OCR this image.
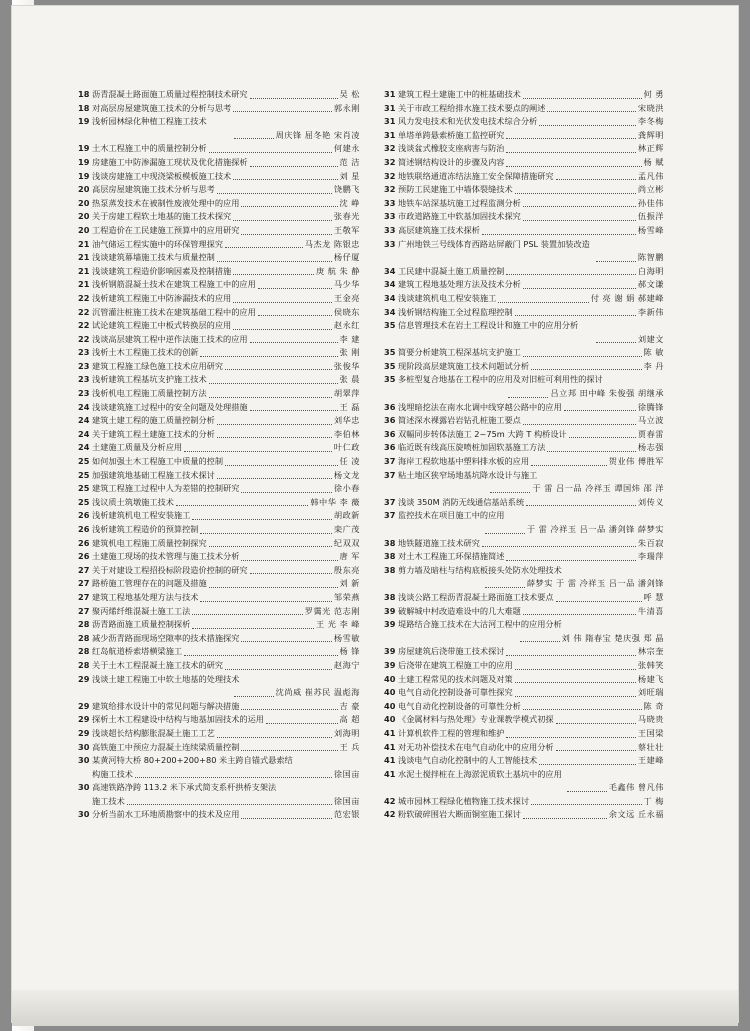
18 沥青混凝土路面施工质量过程控制技术研究	吴 松
18 对高层房屋建筑施工技术的分析与思考	郭永刚
19 浅析园林绿化种植工程施工技术
周庆锋 屈冬艳 宋肖凌
19 土木工程施工中的质量控制分析	何建永
19 房建施工中防渗漏施工现状及优化措施探析	范 洁
19 浅谈房建施工中现浇梁板模板施工技术	刘 星
20 高层房屋建筑施工技术分析与思考	饶鹏飞
20 热泵蒸发技术在被制性废液处理中的应用	沈 峥
20 关于房建工程软土地基的施工技术探究	张春光
20 工程造价在工民建施工预算中的应用研究	王敬军
21 油气储运工程实施中的环保管理探究	马杰龙 陈银忠
21 浅谈建筑幕墙施工技术与质量控制	杨仔厦
21 浅谈建筑工程造价影响因素及控制措施	庚 航 朱 静
21 浅析钢筋混凝土技术在建筑工程施工中的应用	马少华
22 浅析建筑工程施工中防渗漏技术的应用	王金亮
22 沉管灌注桩施工技术在建筑基础工程中的应用	侯晓东
22 试论建筑工程施工中板式转换层的应用	赵永红
22 浅谈高层建筑工程中逆作法施工技术的应用	李 建
23 浅析土木工程施工技术的创新	张 刚
23 建筑工程施工绿色施工技术应用研究	张俊华
23 浅析建筑工程基坑支护施工技术	张 晨
23 浅析机电工程施工质量控制方法	胡翠萍
24 浅谈建筑施工过程中的安全问题及处理措施	王 磊
24 建筑土建工程的施工质量控制分析	刘华忠
24 关于建筑工程土建施工技术的分析	李伯林
24 土建施工质量及分析应用	叶仁政
25 如何加强土木工程施工中质量的控制	任 凌
25 加强建筑地基础工程施工技术探讨	杨文龙
25 建筑工程施工过程中人为差错的控制研究	徐小春
25 浅议质土筑墩施工技术	韩中华 李 薇
26 浅析建筑机电工程安装施工	胡政新
26 浅析建筑工程造价的预算控制	栾广茂
26 建筑机电工程施工质量控制探究	纪双双
26 土建施工现场的技术管理与施工技术分析	唐 军
27 关于对建设工程招投标阶段造价控制的研究	殷东亮
27 路桥施工管理存在的问题及措施	刘 新
27 建筑工程地基处理方法与技术	邹荣燕
27 聚丙烯纤维混凝土施工工法	罗霭光 范志刚
28 沥青路面施工质量控制探析	王 光 李 峰
28 减少沥青路面现场空隙率的技术措施探究	杨雪敏
28 红岛航道桥索塔横梁施工	杨 锋
28 关于土木工程混凝土施工技术的研究	赵海宁
29 浅谈土建工程施工中软土地基的处理技术
沈尚威 崔苏民 温彪海
29 建筑给排水设计中的常见问题与解决措施	吉 豪
29 探析土木工程建设中结构与地基加固技术的运用	高 超
29 浅谈超长结构膨胀混凝土施工工艺	刘海明
30 高铁施工中预应力混凝土连续梁质量控制	王 兵
30 某黄河特大桥 80+200+200+80 米主跨自锚式悬索结
构施工技术	徐国亩
30 高速铁路净跨 113.2 米下承式简支系杆拱桥支架法
施工技术	徐国亩
30 分析当前水工环地质勘察中的技术及应用	范宏银
31 建筑工程土建施工中的桩基础技术	何 勇
31 关于市政工程给排水施工技术要点的阐述	宋晓洪
31 风力发电技术和光伏发电技术综合分析	李冬梅
31 单塔单跨悬索桥施工监控研究	龚辉明
32 浅谈盆式橡胶支座病害与防治	林正辉
32 简述钢结构设计的步骤及内容	杨 赋
32 地铁联络通道冻结法施工安全保障措施研究	孟凡伟
32 预防工民建施工中墙体裂缝技术	尚立彬
33 地铁车站深基坑施工过程监测分析	孙佳伟
33 市政道路施工中软基加固技术探究	伍振洋
33 高层建筑施工技术探析	杨雪峰
33 广州地铁三号线体育西路站屏蔽门 PSL 装置加装改造
陈智鹏
34 工民建中混凝土施工质量控制	白海明
34 建筑工程地基处理方法及技术分析	郝文谦
34 浅谈建筑机电工程安装施工	付 亮 谢 娟 郝建峰
34 浅析钢结构施工全过程监理控制	李新伟
35 信息管理技术在岩土工程设计和施工中的应用分析
刘建文
35 简要分析建筑工程深基坑支护施工	陈 敏
35 现阶段高层建筑施工技术问题试分析	李 丹
35 多桩型复合地基在工程中的应用及对旧桩可利用性的探讨
吕立邦 田中峰 朱俊强 胡继承
36 浅埋暗挖法在南水北调中线穿越公路中的应用	徐腾锋
36 简述深水裸露岩岩钻孔桩施工要点	马立波
36 双幅同步转体法施工 2~75m 大跨 T 构桥设计	贾春雷
36 临近既有线高压旋喷桩加固软基施工方法	杨志强
37 海岸工程软地基中塑料排水板的应用	贺业伟 傅胜军
37 粘土地区狭窄场地基坑降水设计与施工
于 雷 吕一品 冷祥玉 谭国炜 邵 洋
37 浅谈 350M 消防无线通信基站系统	刘传义
37 监控技术在项目施工中的应用
于 雷 冷祥玉 吕一品 潘剑锋 薛梦实
38 地铁隧道施工技术研究	朱百寂
38 对土木工程施工环保措施简述	李瑞萍
38 剪力墙及暗柱与结构底板接头处防水处理技术
薛梦实 于 雷 冷祥玉 吕一品 潘剑锋
38 浅谈公路工程沥青混凝土路面施工技术要点	呼 慧
39 破解城中村改造难设中的几大难题	牛清喜
39 堤路结合施工技术在大沽河工程中的应用分析
刘 伟 隋春宝 楚庆强 郑 晶
39 房屋建筑后浇带施工技术探讨	林宗奎
39 后浇带在建筑工程施工中的应用	张韩笑
40 土建工程常见的技术问题及对策	杨建飞
40 电气自动化控制设备可靠性探究	刘旺瑞
40 电气自动化控制设备的可靠性分析	陈 奇
40 《金属材料与热处理》专业课教学模式初探	马晓贵
41 计算机软件工程的管理和维护	王国梁
41 对无功补偿技术在电气自动化中的应用分析	蔡壮壮
41 浅谈电气自动化控制中的人工智能技术	王建峰
41 水泥土搅拌桩在上海淤泥质软土基坑中的应用
毛鑫伟 曾凡伟
42 城市园林工程绿化植物施工技术探讨	丁 梅
42 粉软破碎围岩大断面铜室施工探讨	余文远 丘永福
